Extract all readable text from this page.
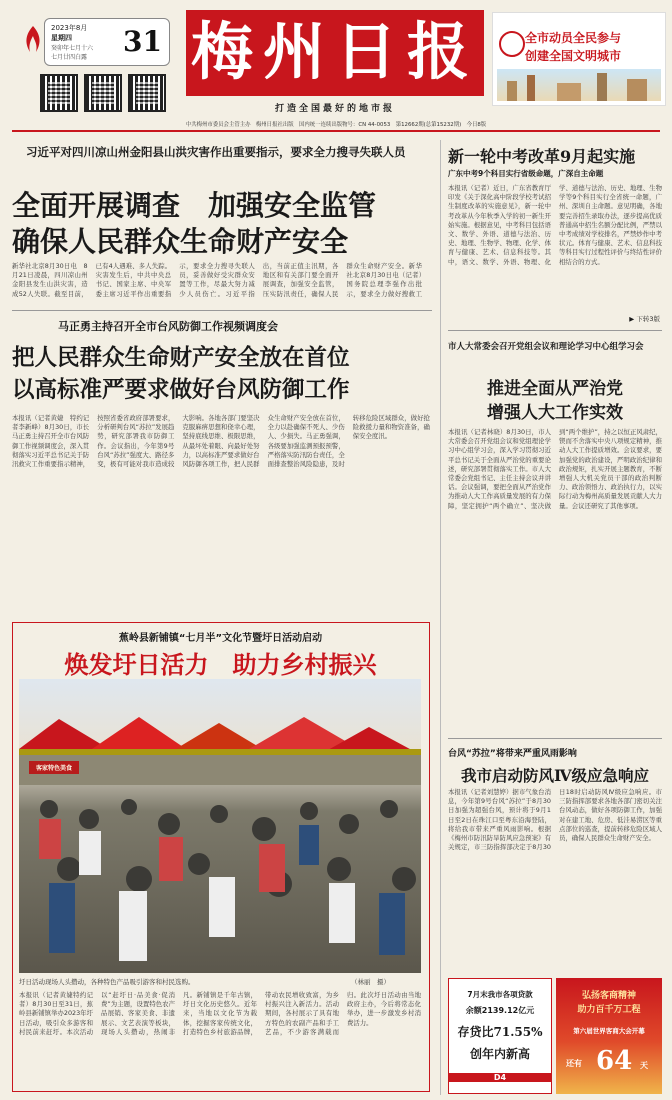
2023年8月
星期四
癸卯年七月十六
七月廿四白露 31 梅州日报
打造全国最好的地市报
全市动员全民参与
创建全国文明城市
中共梅州市委员会主管主办　梅州日报社出版　国内统一连续出版物号：CN 44-0053　第12662期(总第15232期)　今日8版
习近平对四川凉山州金阳县山洪灾害作出重要指示，要求全力搜寻失联人员
全面开展调查　加强安全监管
确保人民群众生命财产安全
新华社北京8月30日电　8月21日凌晨，四川凉山州金阳县发生山洪灾害，造成52人失联。截至目前，已有4人遇难、多人失踪。灾害发生后，中共中央总书记、国家主席、中央军委主席习近平作出重要指示，要求全力搜寻失联人员，妥善做好受灾群众安置等工作，尽最大努力减少人员伤亡。习近平指出，当前正值主汛期，各地区和有关部门要全面开展调查，加强安全监管，压实防汛责任，确保人民群众生命财产安全。新华社北京8月30日电（记者）国务院总理李强作出批示，要求全力做好搜救工
马正勇主持召开全市台风防御工作视频调度会
把人民群众生命财产安全放在首位
以高标准严要求做好台风防御工作
本报讯（记者黄婕　特约记者李新峰）8月30日，市长马正勇主持召开全市台风防御工作视频调度会，深入贯彻落实习近平总书记关于防汛救灾工作重要指示精神，按照省委省政府部署要求，分析研判台风“苏拉”发展趋势，研究部署我市防御工作。会议指出，今年第9号台风“苏拉”强度大、路径多变，极有可能对我市造成较大影响。各地各部门要坚决克服麻痹思想和侥幸心理，坚持底线思维、极限思维，从最坏处着眼、向最好处努力，以高标准严要求做好台风防御各项工作，把人民群众生命财产安全放在首位，全力以赴确保不死人、少伤人、少损失。马正勇强调，各级要加强监测预报预警，严格落实防汛防台责任，全面排查整治风险隐患，及时转移危险区域群众，做好抢险救援力量和物资准备，确保安全度汛。
蕉岭县新铺镇“七月半”文化节暨圩日活动启动
焕发圩日活力　助力乡村振兴
客家特色美食
圩日活动现场人头攒动，各种特色产品吸引游客和村民选购。	（林丽　摄）
本报讯（记者黄婕特约记者）8月30日至31日，蕉岭县新铺镇举办2023年圩日活动，吸引众多游客和村民前来赶圩。本次活动以“赶圩日·品美食·促消费”为主题，设置特色农产品展销、客家美食、非遗展示、文艺表演等板块，现场人头攒动，热闹非凡。新铺镇是千年古镇，圩日文化历史悠久。近年来，当地以文化节为载体，挖掘客家传统文化，打造特色乡村旅游品牌，带动农民增收致富，为乡村振兴注入新活力。活动期间，各村展示了具有地方特色的农副产品和手工艺品，不少游客满载而归。此次圩日活动由当地政府主办，今后将常态化举办，进一步激发乡村消费活力。
新一轮中考改革9月起实施
广东中考9个科目实行省级命题，广深自主命题
本报讯（记者）近日，广东省教育厅印发《关于深化高中阶段学校考试招生制度改革的实施意见》，新一轮中考改革从今年秋季入学的初一新生开始实施。根据意见，中考科目包括语文、数学、外语、道德与法治、历史、地理、生物学、物理、化学、体育与健康、艺术、信息科技等。其中，语文、数学、外语、物理、化学、道德与法治、历史、地理、生物学等9个科目实行全省统一命题，广州、深圳自主命题。意见明确，各地要完善招生录取办法，逐步提高优质普通高中招生名额分配比例，严禁以中考成绩对学校排名，严禁炒作中考状元。体育与健康、艺术、信息科技等科目实行过程性评价与终结性评价相结合的方式。
▶ 下转3版
市人大常委会召开党组会议和理论学习中心组学习会
推进全面从严治党
增强人大工作实效
本报讯（记者林晓）8月30日，市人大常委会召开党组会议和党组理论学习中心组学习会，深入学习贯彻习近平总书记关于全面从严治党的重要论述，研究部署贯彻落实工作。市人大常委会党组书记、主任主持会议并讲话。会议强调，要把全面从严治党作为推动人大工作高质量发展的有力保障，坚定拥护“两个确立”、坚决做到“两个维护”，持之以恒正风肃纪，锲而不舍落实中央八项规定精神，推动人大工作提质增效。会议要求，要加强党的政治建设，严明政治纪律和政治规矩，扎实开展主题教育，不断增强人大机关党员干部的政治判断力、政治领悟力、政治执行力，以实际行动为梅州高质量发展贡献人大力量。会议还研究了其他事项。
台风“苏拉”将带来严重风雨影响
我市启动防风Ⅳ级应急响应
本报讯（记者刘慧婷）据市气象台消息，今年第9号台风“苏拉”于8月30日加强为超强台风，预计将于9月1日至2日在珠江口至粤东沿海登陆，将给我市带来严重风雨影响。根据《梅州市防汛防旱防风应急预案》有关规定，市三防指挥部决定于8月30日18时启动防风Ⅳ级应急响应。市三防指挥部要求各地各部门密切关注台风动态，做好各项防御工作，加强对在建工地、危房、低洼易涝区等重点部位的巡查，提前转移危险区域人员，确保人民群众生命财产安全。
7月末我市各项贷款
余额2139.12亿元
存贷比71.55%
创年内新高
D4
弘扬客商精神
助力百千万工程
第六届世界客商大会开幕
还有 64 天
